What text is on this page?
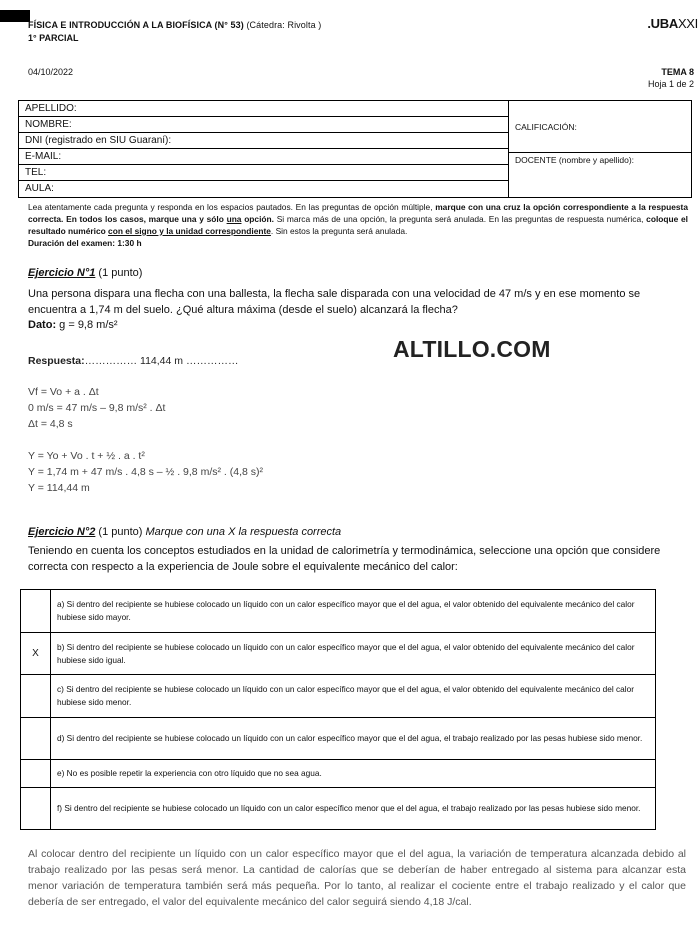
FÍSICA E INTRODUCCIÓN A LA BIOFÍSICA (N° 53) (Cátedra: Rivolta )
1° PARCIAL
.UBAXXI
04/10/2022	TEMA 8
Hoja 1 de 2
APELLIDO:
NOMBRE:
DNI (registrado en SIU Guaraní):
E-MAIL:
TEL:
AULA:
CALIFICACIÓN:
DOCENTE (nombre y apellido):
Lea atentamente cada pregunta y responda en los espacios pautados. En las preguntas de opción múltiple, marque con una cruz la opción correspondiente a la respuesta correcta. En todos los casos, marque una y sólo una opción. Si marca más de una opción, la pregunta será anulada. En las preguntas de respuesta numérica, coloque el resultado numérico con el signo y la unidad correspondiente. Sin estos la pregunta será anulada.
Duración del examen: 1:30 h
Ejercicio N°1 (1 punto)
Una persona dispara una flecha con una ballesta, la flecha sale disparada con una velocidad de 47 m/s y en ese momento se encuentra a 1,74 m del suelo. ¿Qué altura máxima (desde el suelo) alcanzará la flecha?
Dato: g = 9,8 m/s²
ALTILLO.COM
Respuesta:…………… 114,44 m ……………
Vf = Vo + a . Δt
0 m/s = 47 m/s – 9,8 m/s² . Δt
Δt = 4,8 s
Y = Yo + Vo . t + ½ . a . t²
Y = 1,74 m + 47 m/s . 4,8 s – ½ . 9,8 m/s² . (4,8 s)²
Y = 114,44 m
Ejercicio N°2 (1 punto) Marque con una X la respuesta correcta
Teniendo en cuenta los conceptos estudiados en la unidad de calorimetría y termodinámica, seleccione una opción que considere correcta con respecto a la experiencia de Joule sobre el equivalente mecánico del calor:
	a) Si dentro del recipiente se hubiese colocado un líquido con un calor específico mayor que el del agua, el valor obtenido del equivalente mecánico del calor hubiese sido mayor.
X	b) Si dentro del recipiente se hubiese colocado un líquido con un calor específico mayor que el del agua, el valor obtenido del equivalente mecánico del calor hubiese sido igual.
	c) Si dentro del recipiente se hubiese colocado un líquido con un calor específico mayor que el del agua, el valor obtenido del equivalente mecánico del calor hubiese sido menor.
	d) Si dentro del recipiente se hubiese colocado un líquido con un calor específico mayor que el del agua, el trabajo realizado por las pesas hubiese sido menor.
	e) No es posible repetir la experiencia con otro líquido que no sea agua.
	f) Si dentro del recipiente se hubiese colocado un líquido con un calor específico menor que el del agua, el trabajo realizado por las pesas hubiese sido menor.
Al colocar dentro del recipiente un líquido con un calor específico mayor que el del agua, la variación de temperatura alcanzada debido al trabajo realizado por las pesas será menor. La cantidad de calorías que se deberían de haber entregado al sistema para alcanzar esta menor variación de temperatura también será más pequeña. Por lo tanto, al realizar el cociente entre el trabajo realizado y el calor que debería de ser entregado, el valor del equivalente mecánico del calor seguirá siendo 4,18 J/cal.
